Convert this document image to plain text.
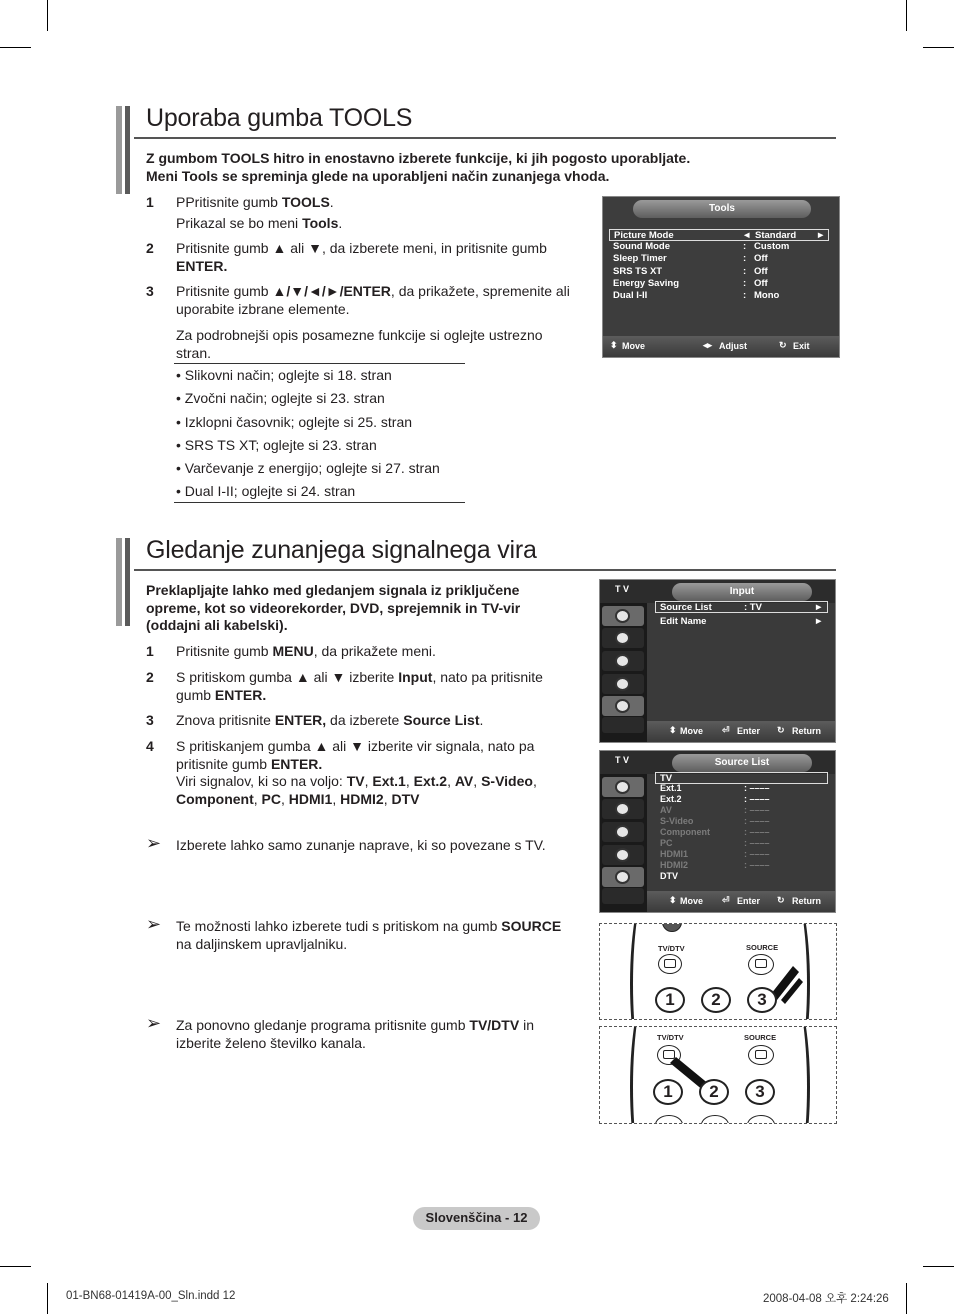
Uporaba gumba TOOLS
Z gumbom TOOLS hitro in enostavno izberete funkcije, ki jih pogosto uporabljate.
Meni Tools se spreminja glede na uporabljeni način zunanjega vhoda.
1 PPritisnite gumb TOOLS.
Prikazal se bo meni Tools.
2 Pritisnite gumb ▲ ali ▼, da izberete meni, in pritisnite gumb
ENTER.
3 Pritisnite gumb ▲/▼/◄/►/ENTER, da prikažete, spremenite ali
uporabite izbrane elemente.
Za podrobnejši opis posamezne funkcije si oglejte ustrezno
stran.
• Slikovni način; oglejte si 18. stran
• Zvočni način; oglejte si 23. stran
• Izklopni časovnik; oglejte si 25. stran
• SRS TS XT; oglejte si 23. stran
• Varčevanje z energijo; oglejte si 27. stran
• Dual I-II; oglejte si 24. stran
Tools
Picture Mode	◄ Standard ►
Sound Mode	: Custom
Sleep Timer	: Off
SRS TS XT	: Off
Energy Saving	: Off
Dual I-II	: Mono
⬍ Move	◂▸ Adjust	↻ Exit
Gledanje zunanjega signalnega vira
Preklapljajte lahko med gledanjem signala iz priključene
opreme, kot so videorekorder, DVD, sprejemnik in TV-vir
(oddajni ali kabelski).
1 Pritisnite gumb MENU, da prikažete meni.
2 S pritiskom gumba ▲ ali ▼ izberite Input, nato pa pritisnite
gumb ENTER.
3 Znova pritisnite ENTER, da izberete Source List.
4 S pritiskanjem gumba ▲ ali ▼ izberite vir signala, nato pa
pritisnite gumb ENTER.
Viri signalov, ki so na voljo: TV, Ext.1, Ext.2, AV, S-Video,
Component, PC, HDMI1, HDMI2, DTV
➢ Izberete lahko samo zunanje naprave, ki so povezane s TV.
➢ Te možnosti lahko izberete tudi s pritiskom na gumb SOURCE
na daljinskem upravljalniku.
➢ Za ponovno gledanje programa pritisnite gumb TV/DTV in
izberite želeno številko kanala.
T V	Input
Source List	: TV	►
Edit Name	►
⬍ Move ⏎ Enter ↻ Return
T V	Source List
TV
Ext.1	: ––––
Ext.2	: ––––
AV	: ––––
S-Video	: ––––
Component	: ––––
PC	: ––––
HDMI1	: ––––
HDMI2	: ––––
DTV
⬍ Move ⏎ Enter ↻ Return
TV/DTV	SOURCE
1	2	3
TV/DTV	SOURCE
1	2	3
Slovenščina - 12
01-BN68-01419A-00_Sln.indd 12	2008-04-08 오후 2:24:26
